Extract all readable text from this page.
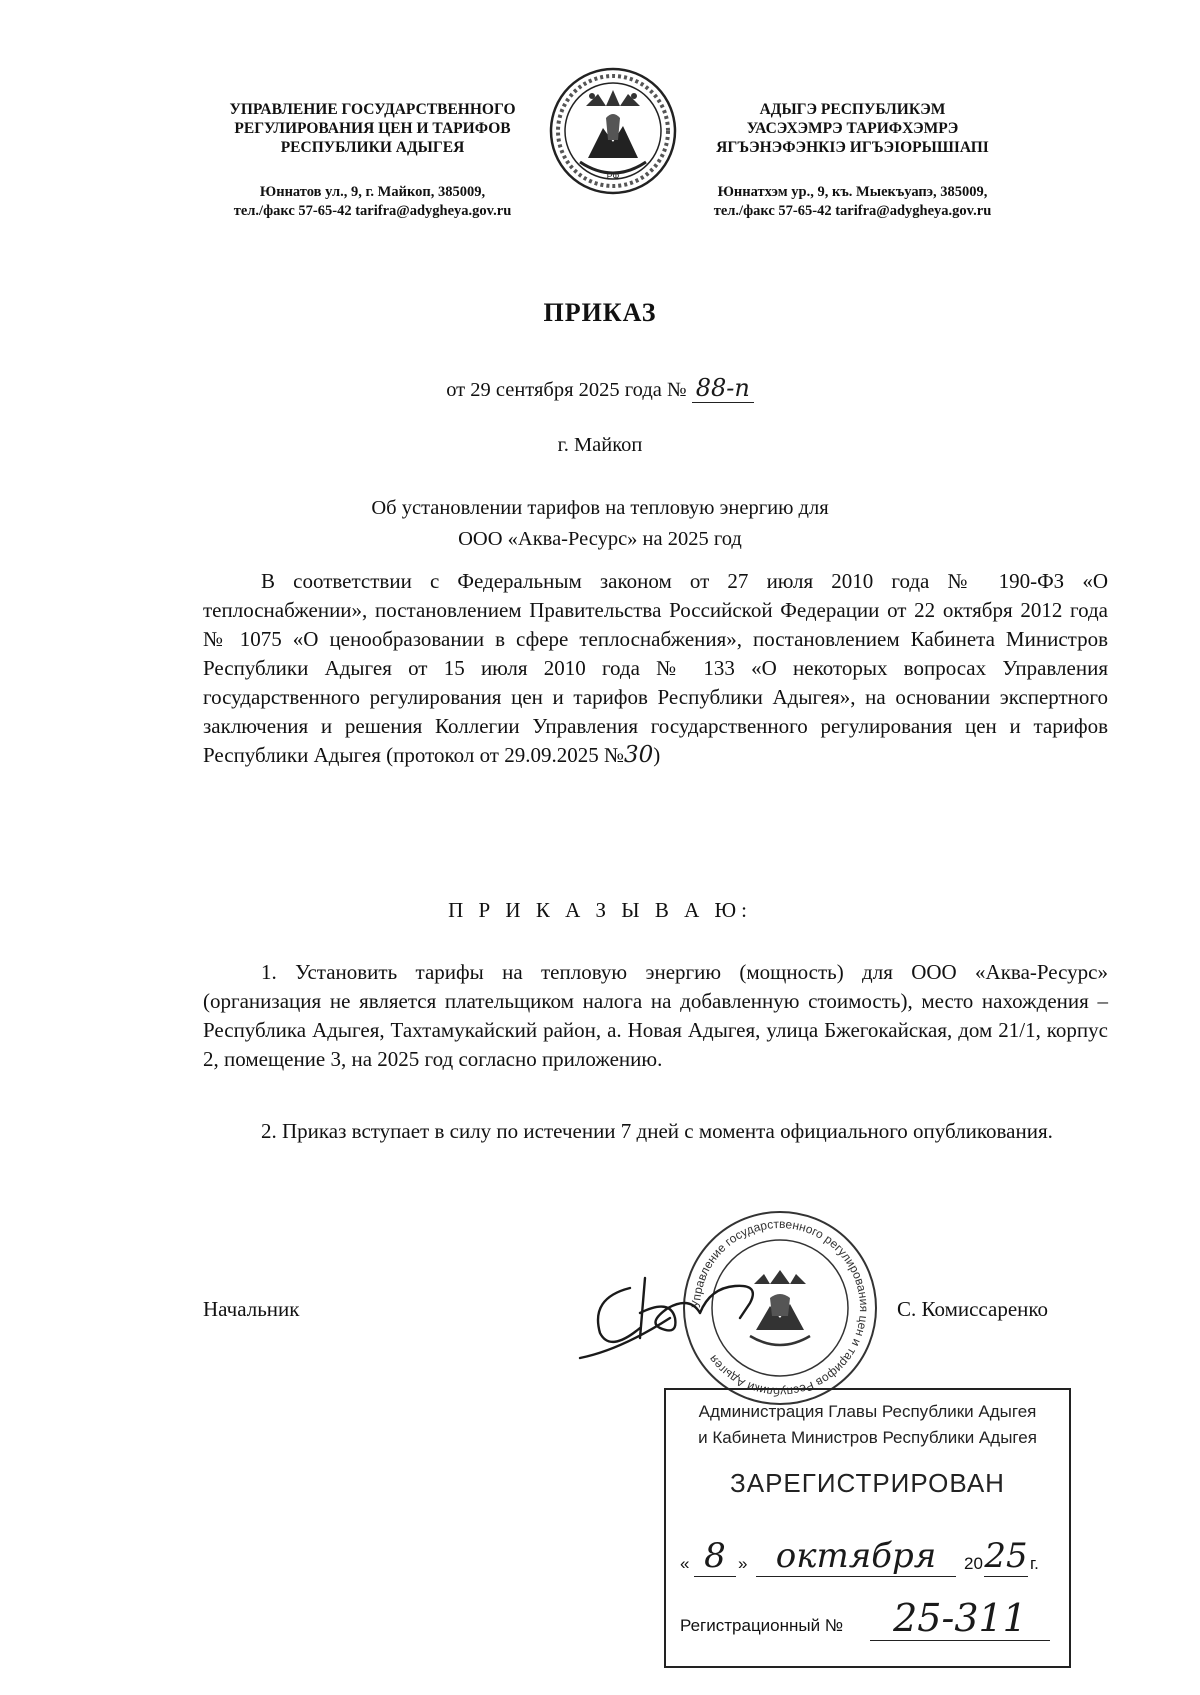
УПРАВЛЕНИЕ ГОСУДАРСТВЕННОГО
РЕГУЛИРОВАНИЯ ЦЕН И ТАРИФОВ
РЕСПУБЛИКИ АДЫГЕЯ
Юннатов ул., 9, г. Майкоп, 385009,
тел./факс 57-65-42 tarifra@adygheya.gov.ru
РФ
АДЫГЭ РЕСПУБЛИКЭМ
УАСЭХЭМРЭ ТАРИФХЭМРЭ
ЯГЪЭНЭФЭНКIЭ ИГЪЭIОРЫШIАПI
Юннатхэм ур., 9, къ. Мыекъуапэ, 385009,
тел./факс 57-65-42 tarifra@adygheya.gov.ru
ПРИКАЗ
от 29 сентября 2025 года № 88-п
г. Майкоп
Об установлении тарифов на тепловую энергию для
ООО «Аква-Ресурс» на 2025 год
В соответствии с Федеральным законом от 27 июля 2010 года № 190-ФЗ «О теплоснабжении», постановлением Правительства Российской Федерации от 22 октября 2012 года № 1075 «О ценообразовании в сфере теплоснабжения», постановлением Кабинета Министров Республики Адыгея от 15 июля 2010 года № 133 «О некоторых вопросах Управления государственного регулирования цен и тарифов Республики Адыгея», на основании экспертного заключения и решения Коллегии Управления государственного регулирования цен и тарифов Республики Адыгея (протокол от 29.09.2025 №30)
П Р И К А З Ы В А Ю:
1. Установить тарифы на тепловую энергию (мощность) для ООО «Аква-Ресурс» (организация не является плательщиком налога на добавленную стоимость), место нахождения – Республика Адыгея, Тахтамукайский район, а. Новая Адыгея, улица Бжегокайская, дом 21/1, корпус 2, помещение 3, на 2025 год согласно приложению.
2. Приказ вступает в силу по истечении 7 дней с момента официального опубликования.
Начальник	Управление государственного регулирования цен и тарифов Республики Адыгея
С. Комиссаренко
Администрация Главы Республики Адыгея
и Кабинета Министров Республики Адыгея
ЗАРЕГИСТРИРОВАН
« 8 » октября	20 25 г.
Регистрационный №	25-311
